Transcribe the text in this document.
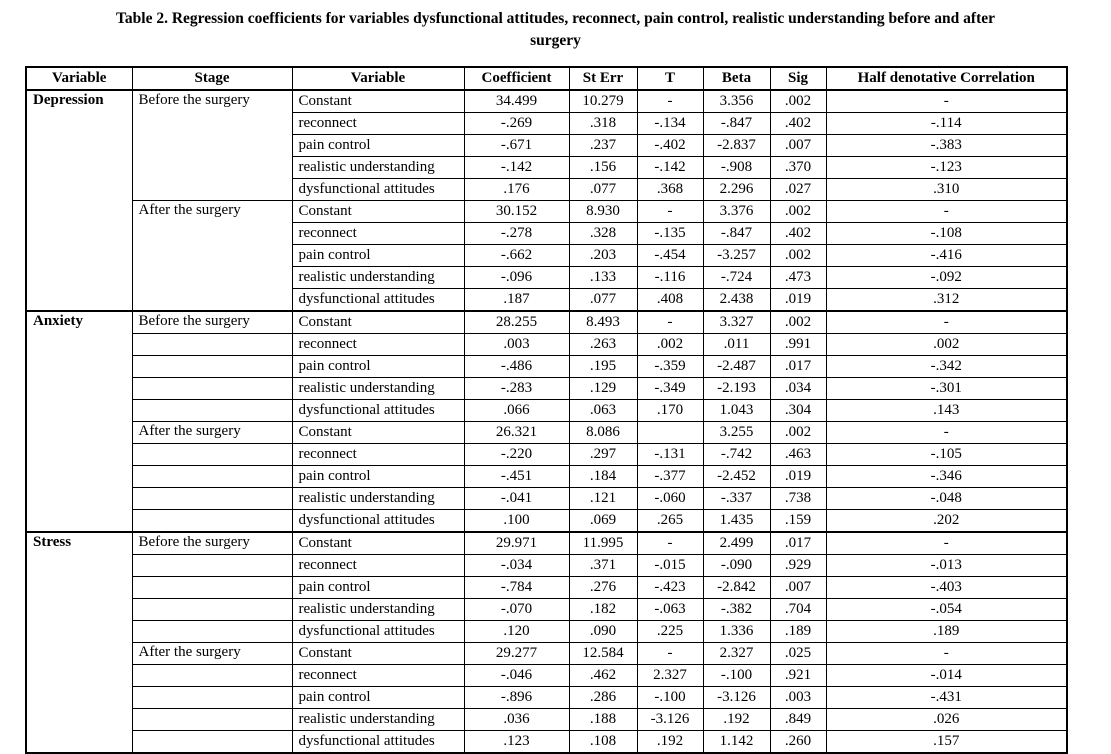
Table 2. Regression coefficients for variables dysfunctional attitudes, reconnect, pain control, realistic understanding before and after
surgery
Variable	Stage	Variable	Coefficient	St Err	T	Beta	Sig	Half denotative Correlation
Depression	Before the surgery	Constant	34.499	10.279	-	3.356	.002	-
		reconnect	-.269	.318	-.134	-.847	.402	-.114
		pain control	-.671	.237	-.402	-2.837	.007	-.383
		realistic understanding	-.142	.156	-.142	-.908	.370	-.123
		dysfunctional attitudes	.176	.077	.368	2.296	.027	.310
	After the surgery	Constant	30.152	8.930	-	3.376	.002	-
		reconnect	-.278	.328	-.135	-.847	.402	-.108
		pain control	-.662	.203	-.454	-3.257	.002	-.416
		realistic understanding	-.096	.133	-.116	-.724	.473	-.092
		dysfunctional attitudes	.187	.077	.408	2.438	.019	.312
Anxiety	Before the surgery	Constant	28.255	8.493	-	3.327	.002	-
		reconnect	.003	.263	.002	.011	.991	.002
		pain control	-.486	.195	-.359	-2.487	.017	-.342
		realistic understanding	-.283	.129	-.349	-2.193	.034	-.301
		dysfunctional attitudes	.066	.063	.170	1.043	.304	.143
	After the surgery	Constant	26.321	8.086		3.255	.002	-
		reconnect	-.220	.297	-.131	-.742	.463	-.105
		pain control	-.451	.184	-.377	-2.452	.019	-.346
		realistic understanding	-.041	.121	-.060	-.337	.738	-.048
		dysfunctional attitudes	.100	.069	.265	1.435	.159	.202
Stress	Before the surgery	Constant	29.971	11.995	-	2.499	.017	-
		reconnect	-.034	.371	-.015	-.090	.929	-.013
		pain control	-.784	.276	-.423	-2.842	.007	-.403
		realistic understanding	-.070	.182	-.063	-.382	.704	-.054
		dysfunctional attitudes	.120	.090	.225	1.336	.189	.189
	After the surgery	Constant	29.277	12.584	-	2.327	.025	-
		reconnect	-.046	.462	2.327	-.100	.921	-.014
		pain control	-.896	.286	-.100	-3.126	.003	-.431
		realistic understanding	.036	.188	-3.126	.192	.849	.026
		dysfunctional attitudes	.123	.108	.192	1.142	.260	.157
